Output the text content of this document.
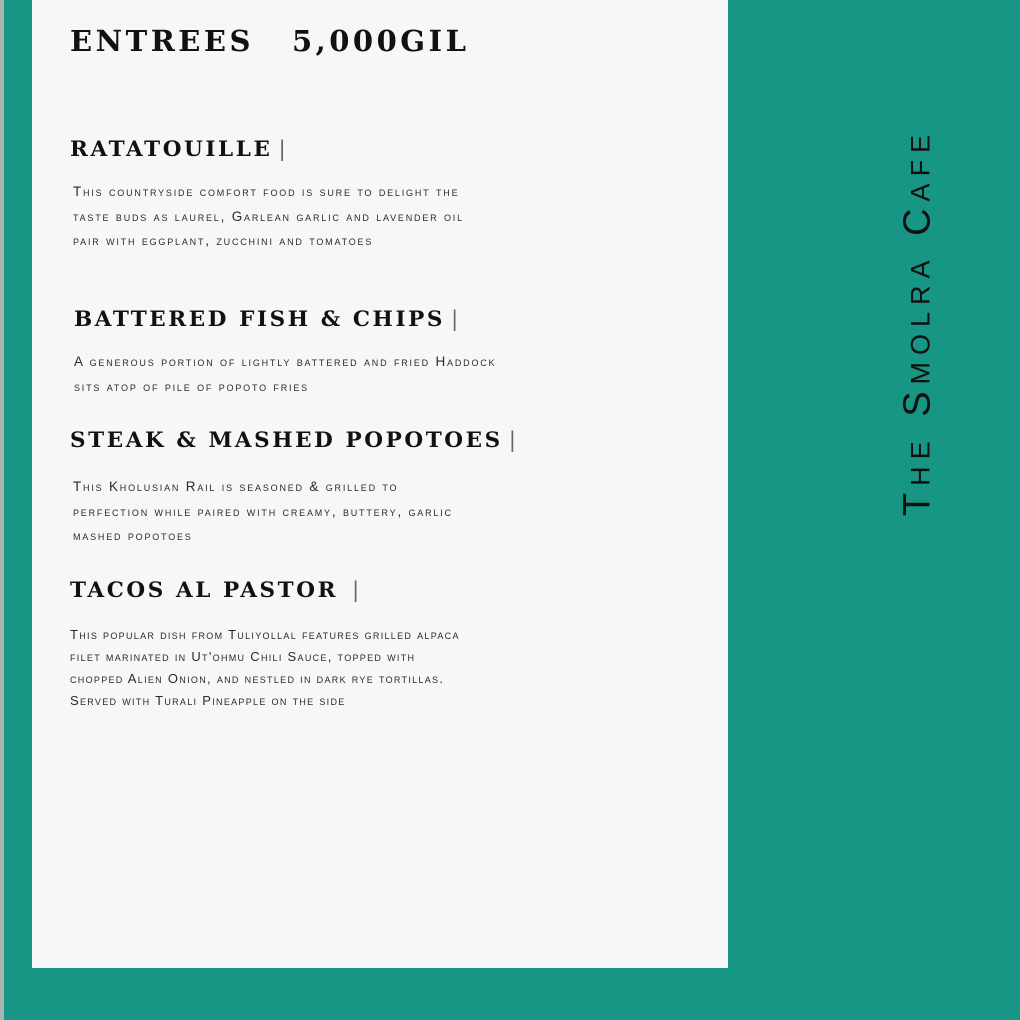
ENTREES 5,000GIL
RATATOUILLE |

This countryside comfort food is sure to delight the taste buds as laurel, Garlean garlic and lavender oil pair with eggplant, zucchini and tomatoes

BATTERED FISH & CHIPS |

A generous portion of lightly battered and fried Haddock sits atop of pile of popoto fries

STEAK & MASHED POPOTOES |

This Kholusian Rail is seasoned & grilled to perfection while paired with creamy, buttery, garlic mashed popotoes

TACOS AL PASTOR |

This popular dish from Tuliyollal features grilled alpaca filet marinated in Ut'ohmu Chili Sauce, topped with chopped Alien Onion, and nestled in dark rye tortillas. Served with Turali Pineapple on the side

The Smolra Cafe
